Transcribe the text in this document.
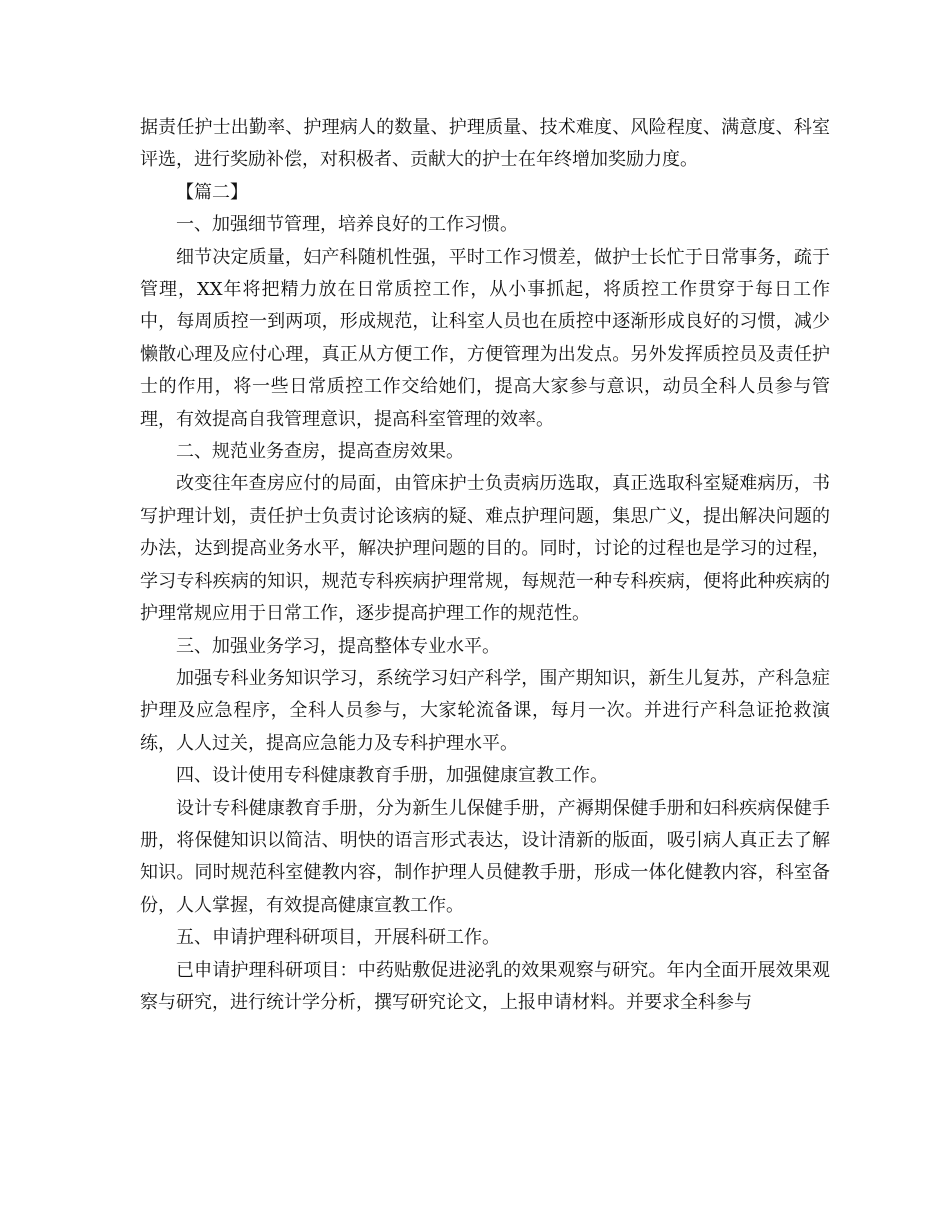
据责任护士出勤率、护理病人的数量、护理质量、技术难度、风险程度、满意度、科室评选，进行奖励补偿，对积极者、贡献大的护士在年终增加奖励力度。

【篇二】

一、加强细节管理，培养良好的工作习惯。

细节决定质量，妇产科随机性强，平时工作习惯差，做护士长忙于日常事务，疏于管理，XX年将把精力放在日常质控工作，从小事抓起，将质控工作贯穿于每日工作中，每周质控一到两项，形成规范，让科室人员也在质控中逐渐形成良好的习惯，减少懒散心理及应付心理，真正从方便工作，方便管理为出发点。另外发挥质控员及责任护士的作用，将一些日常质控工作交给她们，提高大家参与意识，动员全科人员参与管理，有效提高自我管理意识，提高科室管理的效率。

二、规范业务查房，提高查房效果。

改变往年查房应付的局面，由管床护士负责病历选取，真正选取科室疑难病历，书写护理计划，责任护士负责讨论该病的疑、难点护理问题，集思广义，提出解决问题的办法，达到提高业务水平，解决护理问题的目的。同时，讨论的过程也是学习的过程，学习专科疾病的知识，规范专科疾病护理常规，每规范一种专科疾病，便将此种疾病的护理常规应用于日常工作，逐步提高护理工作的规范性。

三、加强业务学习，提高整体专业水平。

加强专科业务知识学习，系统学习妇产科学，围产期知识，新生儿复苏，产科急症护理及应急程序，全科人员参与，大家轮流备课，每月一次。并进行产科急证抢救演练，人人过关，提高应急能力及专科护理水平。

四、设计使用专科健康教育手册，加强健康宣教工作。

设计专科健康教育手册，分为新生儿保健手册，产褥期保健手册和妇科疾病保健手册，将保健知识以简洁、明快的语言形式表达，设计清新的版面，吸引病人真正去了解知识。同时规范科室健教内容，制作护理人员健教手册，形成一体化健教内容，科室备份，人人掌握，有效提高健康宣教工作。

五、申请护理科研项目，开展科研工作。

已申请护理科研项目：中药贴敷促进泌乳的效果观察与研究。年内全面开展效果观察与研究，进行统计学分析，撰写研究论文，上报申请材料。并要求全科参与
